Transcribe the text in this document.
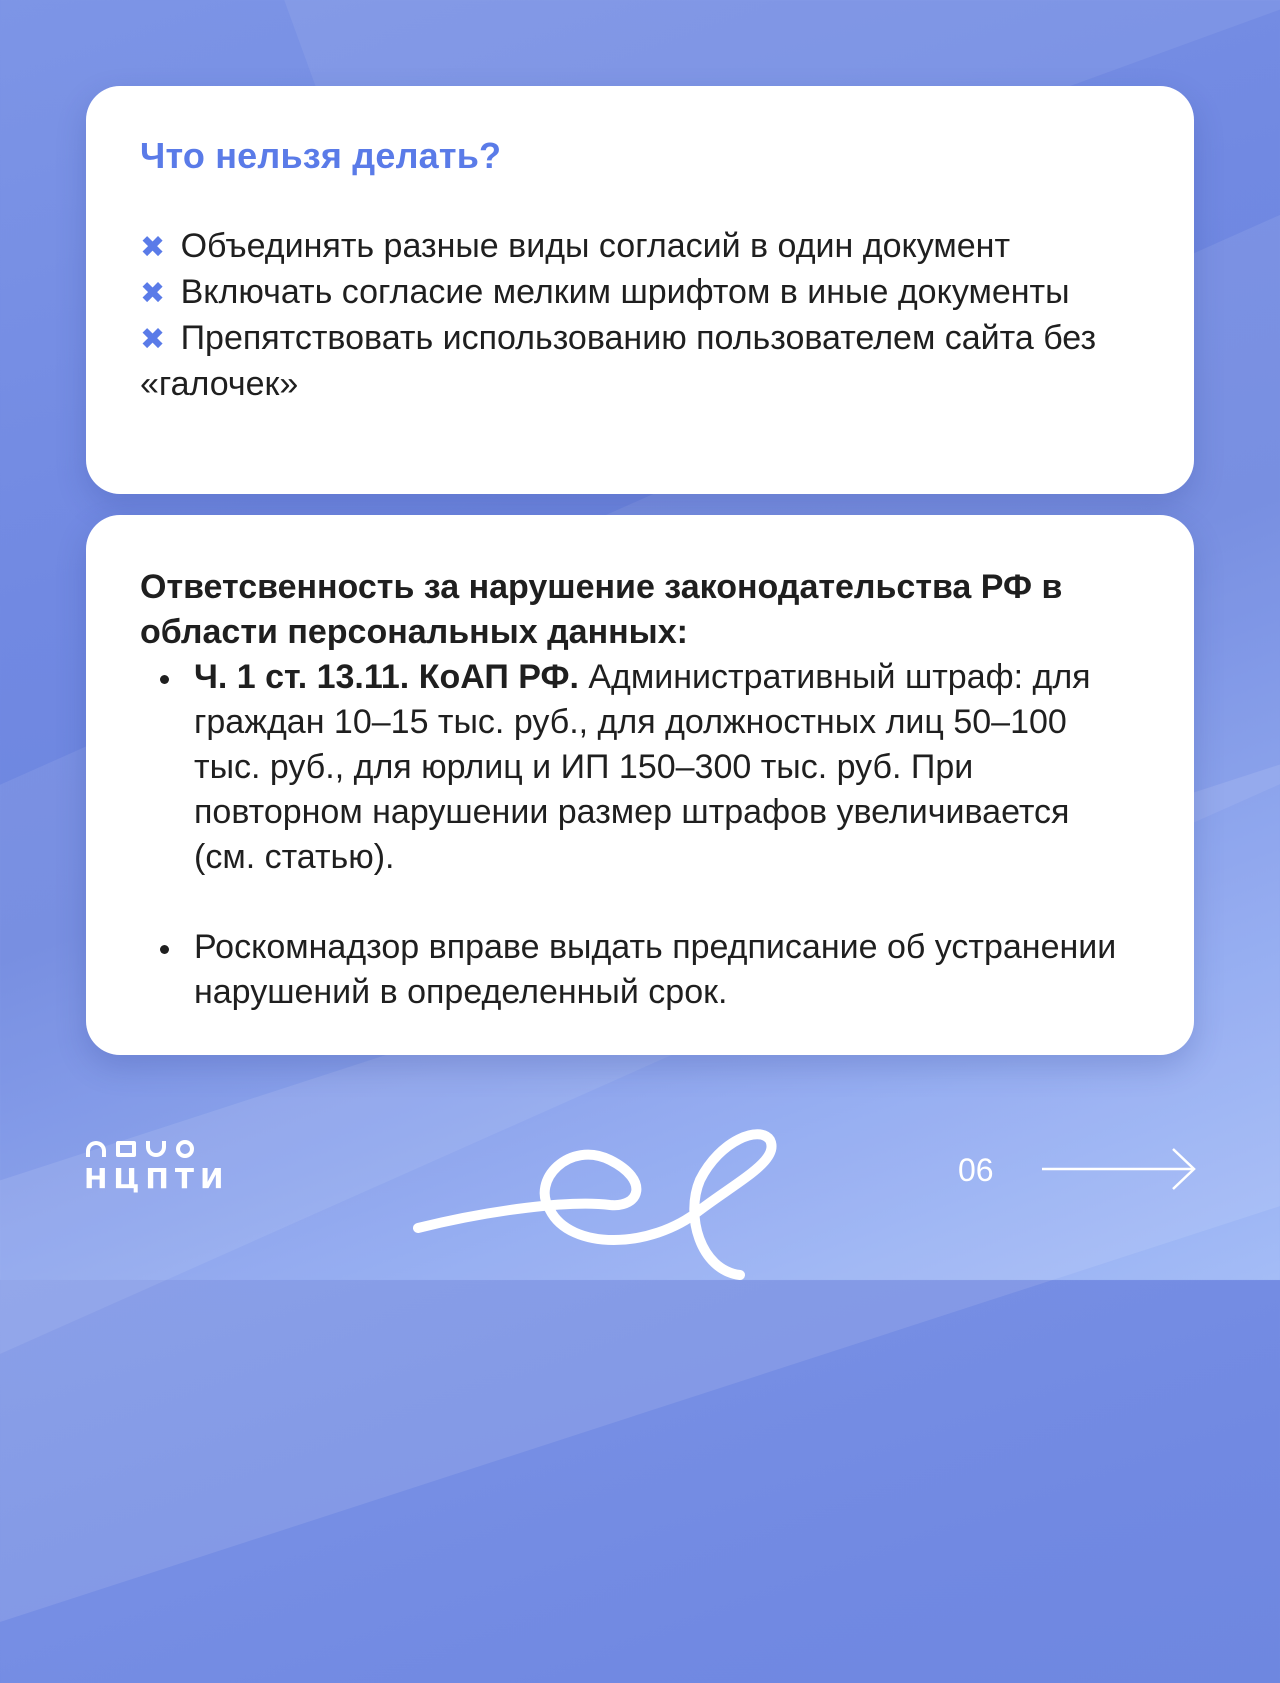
Что нельзя делать?
✖ Объединять разные виды согласий в один документ
✖ Включать согласие мелким шрифтом в иные документы
✖ Препятствовать использованию пользователем сайта без «галочек»
Ответсвенность за нарушение законодательства РФ в области персональных данных:
Ч. 1 ст. 13.11. КоАП РФ. Административный штраф: для граждан 10–15 тыс. руб., для должностных лиц 50–100 тыс. руб., для юрлиц и ИП 150–300 тыс. руб. При повторном нарушении размер штрафов увеличивается (см. статью).
Роскомнадзор вправе выдать предписание об устранении нарушений в определенный срок.
НЦПТИ	06
